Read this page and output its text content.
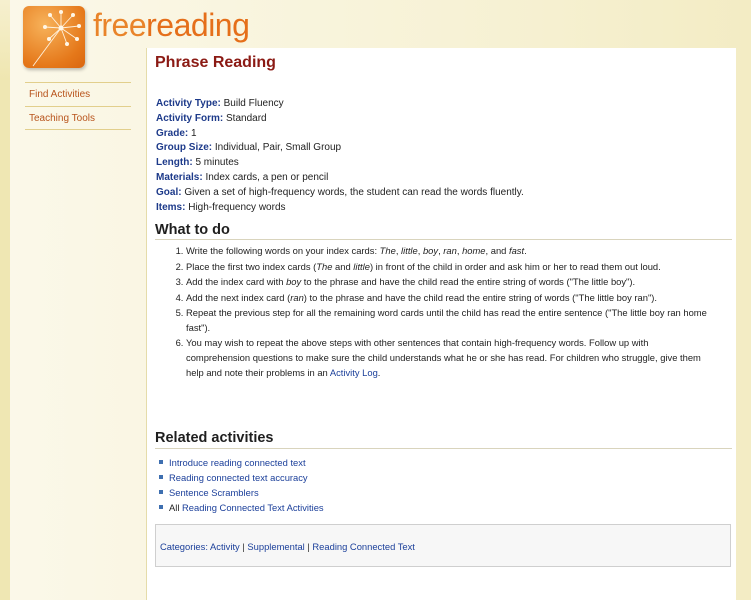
freereading
Find Activities
Teaching Tools
Phrase Reading
Activity Type: Build Fluency
Activity Form: Standard
Grade: 1
Group Size: Individual, Pair, Small Group
Length: 5 minutes
Materials: Index cards, a pen or pencil
Goal: Given a set of high-frequency words, the student can read the words fluently.
Items: High-frequency words
What to do
1. Write the following words on your index cards: The, little, boy, ran, home, and fast.
2. Place the first two index cards (The and little) in front of the child in order and ask him or her to read them out loud.
3. Add the index card with boy to the phrase and have the child read the entire string of words ("The little boy").
4. Add the next index card (ran) to the phrase and have the child read the entire string of words ("The little boy ran").
5. Repeat the previous step for all the remaining word cards until the child has read the entire sentence ("The little boy ran home fast").
6. You may wish to repeat the above steps with other sentences that contain high-frequency words. Follow up with comprehension questions to make sure the child understands what he or she has read. For children who struggle, give them help and note their problems in an Activity Log.
Related activities
Introduce reading connected text
Reading connected text accuracy
Sentence Scramblers
All Reading Connected Text Activities
Categories: Activity | Supplemental | Reading Connected Text
